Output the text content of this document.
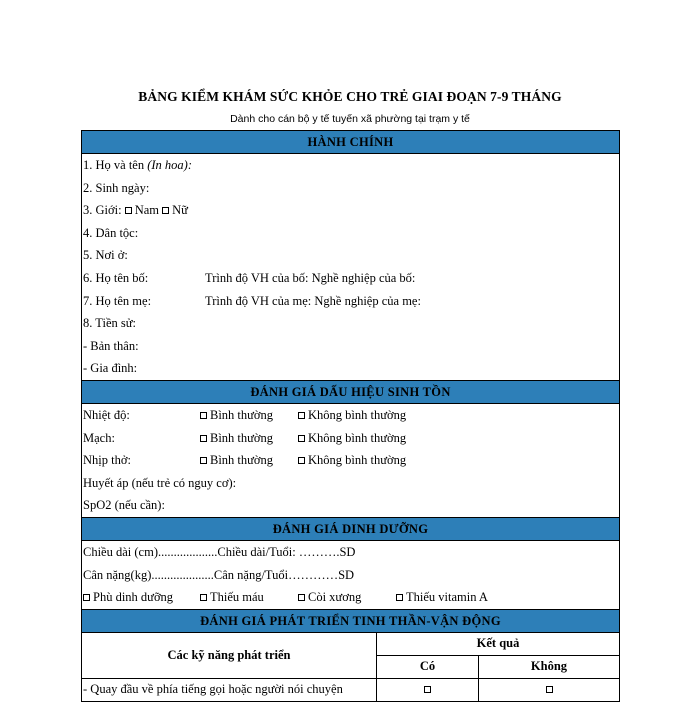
BẢNG KIỂM KHÁM SỨC KHỎE CHO TRẺ GIAI ĐOẠN 7-9 THÁNG
Dành cho cán bộ y tế tuyến xã phường tại trạm y tế
HÀNH CHÍNH
1. Họ và tên (In hoa):
2. Sinh ngày:
3. Giới: Nam Nữ
4. Dân tộc:
5. Nơi ở:
6. Họ tên bố:	Trình độ VH của bố: Nghề nghiệp của bố:
7. Họ tên mẹ:	Trình độ VH của mẹ: Nghề nghiệp của mẹ:
8. Tiền sử:
- Bản thân:
- Gia đình:
ĐÁNH GIÁ DẤU HIỆU SINH TỒN
Nhiệt độ:	Bình thường	Không bình thường
Mạch:	Bình thường	Không bình thường
Nhịp thở:	Bình thường	Không bình thường
Huyết áp (nếu trẻ có nguy cơ):
SpO2 (nếu cần):
ĐÁNH GIÁ DINH DƯỠNG
Chiều dài (cm)...................Chiều dài/Tuổi: ……….SD
Cân nặng(kg)....................Cân nặng/Tuổi…………SD
Phù dinh dưỡng	Thiếu máu	Còi xương	Thiếu vitamin A
ĐÁNH GIÁ PHÁT TRIỂN TINH THẦN-VẬN ĐỘNG
Các kỹ năng phát triển	Kết quả	
	Có	Không
- Quay đầu về phía tiếng gọi hoặc người nói chuyện		
